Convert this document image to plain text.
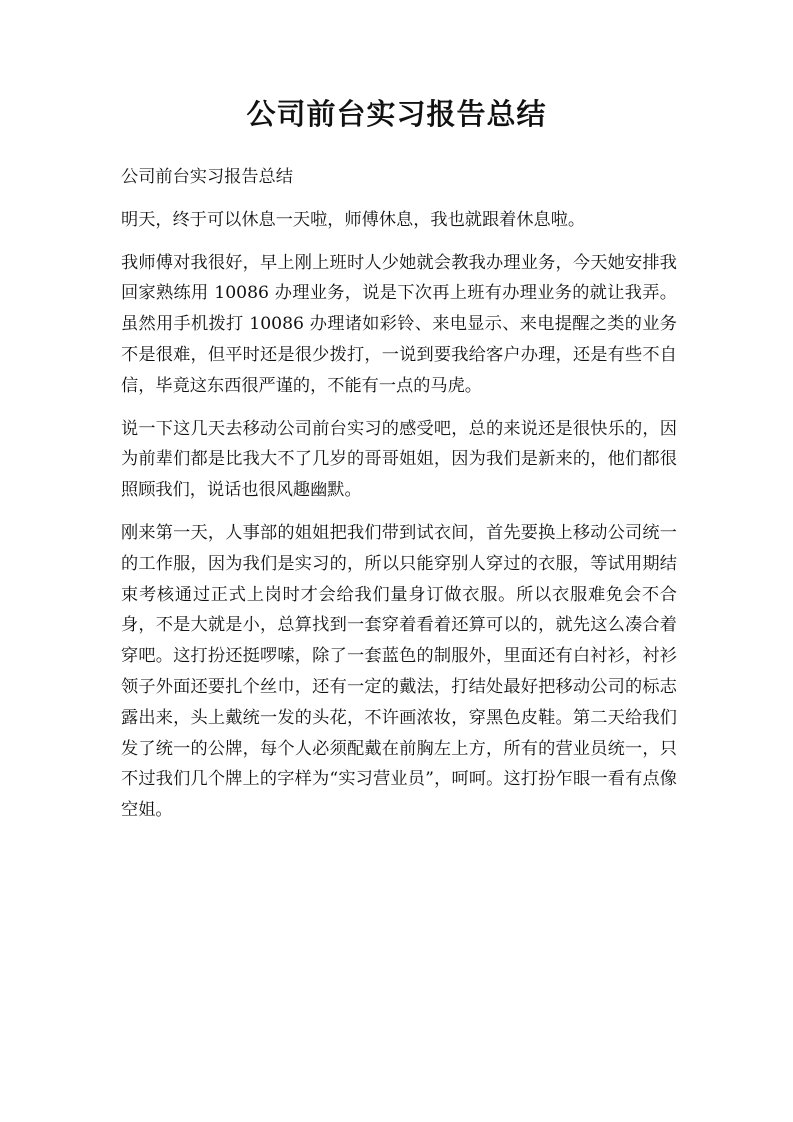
公司前台实习报告总结

公司前台实习报告总结

明天，终于可以休息一天啦，师傅休息，我也就跟着休息啦。

我师傅对我很好，早上刚上班时人少她就会教我办理业务，今天她安排我回家熟练用 10086 办理业务，说是下次再上班有办理业务的就让我弄。虽然用手机拨打 10086 办理诸如彩铃、来电显示、来电提醒之类的业务不是很难，但平时还是很少拨打，一说到要我给客户办理，还是有些不自信，毕竟这东西很严谨的，不能有一点的马虎。

说一下这几天去移动公司前台实习的感受吧，总的来说还是很快乐的，因为前辈们都是比我大不了几岁的哥哥姐姐，因为我们是新来的，他们都很照顾我们，说话也很风趣幽默。

刚来第一天，人事部的姐姐把我们带到试衣间，首先要换上移动公司统一的工作服，因为我们是实习的，所以只能穿别人穿过的衣服，等试用期结束考核通过正式上岗时才会给我们量身订做衣服。所以衣服难免会不合身，不是大就是小，总算找到一套穿着看着还算可以的，就先这么凑合着穿吧。这打扮还挺啰嗦，除了一套蓝色的制服外，里面还有白衬衫，衬衫领子外面还要扎个丝巾，还有一定的戴法，打结处最好把移动公司的标志露出来，头上戴统一发的头花，不许画浓妆，穿黑色皮鞋。第二天给我们发了统一的公牌，每个人必须配戴在前胸左上方，所有的营业员统一，只不过我们几个牌上的字样为“实习营业员”，呵呵。这打扮乍眼一看有点像空姐。
